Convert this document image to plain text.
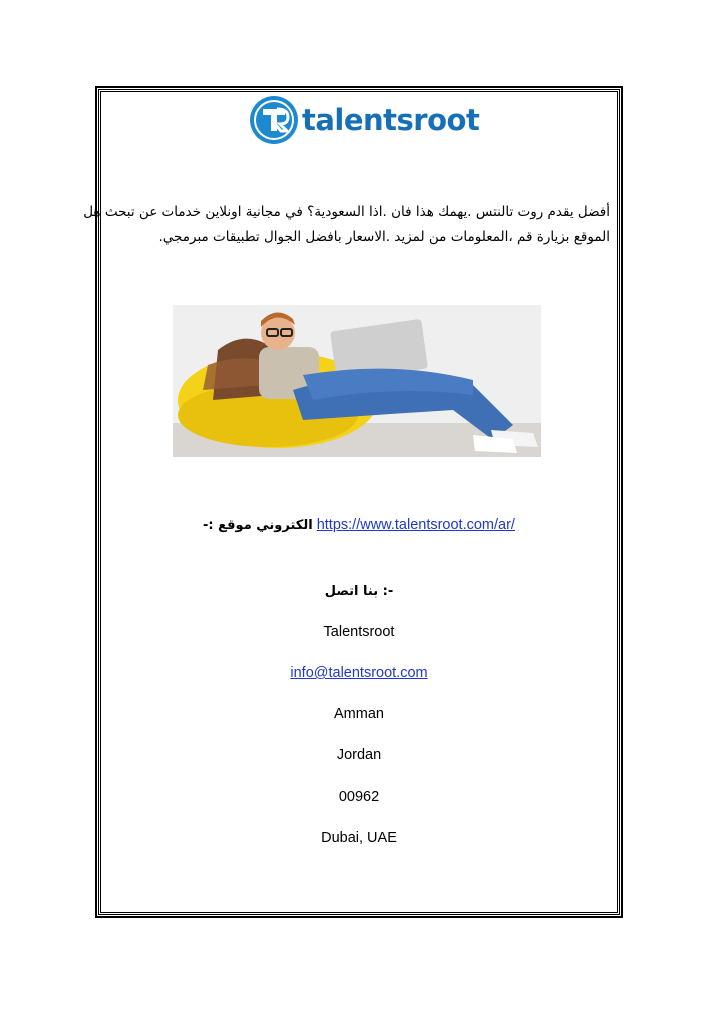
talentsroot

أفضل يقدم روت تالنتس .يهمك هذا فان .اذا السعودية؟ في مجانية اونلاين خدمات عن تبحث هل

الموقع بزيارة قم ،المعلومات من لمزيد .الاسعار بافضل الجوال تطبيقات مبرمجي.

الكتروني موقع :- https://www.talentsroot.com/ar/
بنا اتصل :-
Talentsroot
info@talentsroot.com
Amman
Jordan
00962
Dubai, UAE
